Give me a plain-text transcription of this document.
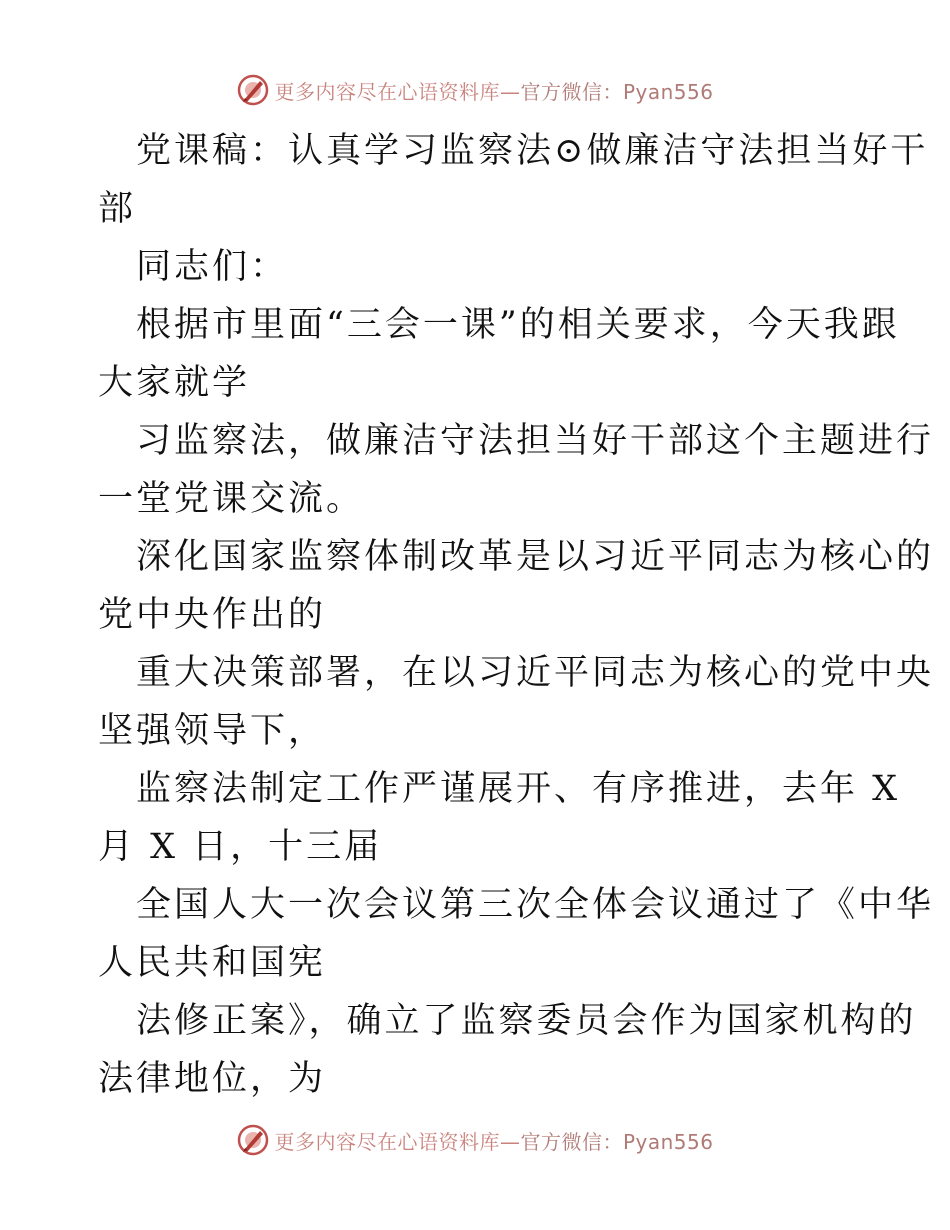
更多内容尽在心语资料库—官方微信：Pyan556

党课稿：认真学习监察法⊙做廉洁守法担当好干

部

同志们：

根据市里面“三会一课”的相关要求，今天我跟

大家就学

习监察法，做廉洁守法担当好干部这个主题进行

一堂党课交流。

深化国家监察体制改革是以习近平同志为核心的

党中央作出的

重大决策部署，在以习近平同志为核心的党中央

坚强领导下，

监察法制定工作严谨展开、有序推进，去年 X

月 X 日，十三届

全国人大一次会议第三次全体会议通过了《中华

人民共和国宪

法修正案》，确立了监察委员会作为国家机构的

法律地位，为

更多内容尽在心语资料库—官方微信：Pyan556
